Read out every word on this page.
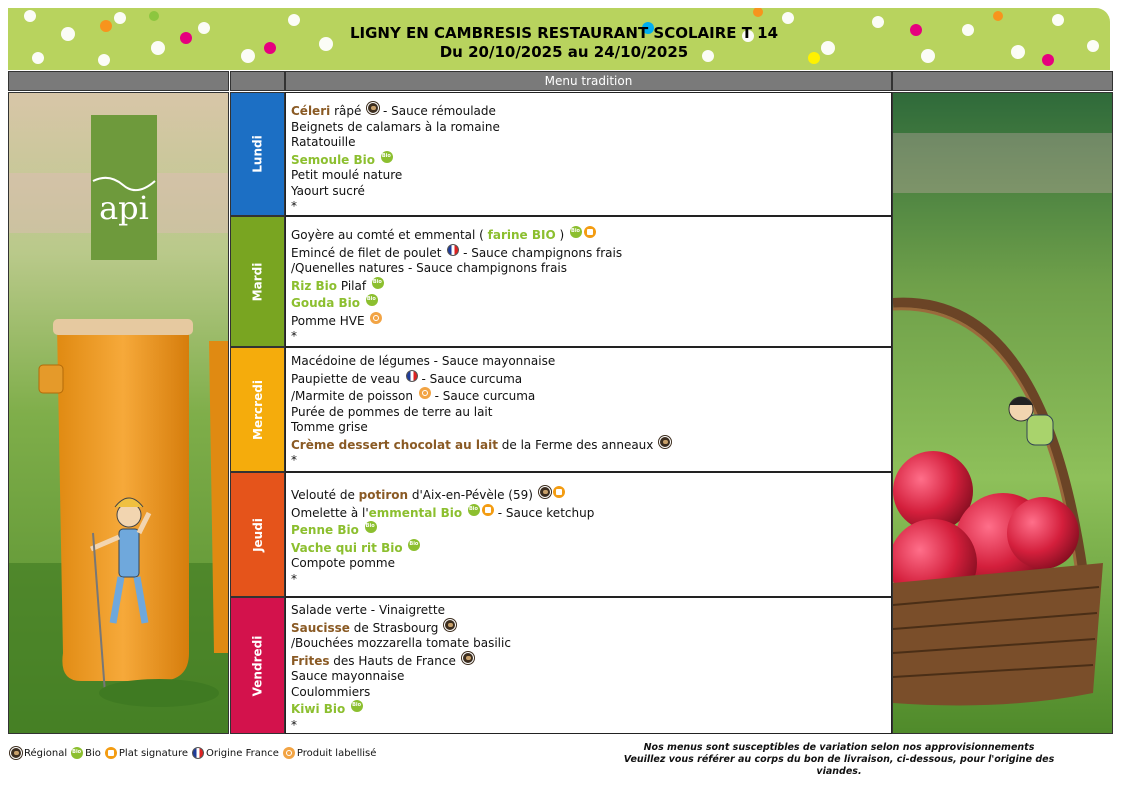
LIGNY EN CAMBRESIS RESTAURANT SCOLAIRE T 14
Du 20/10/2025 au 24/10/2025
Menu tradition
api
Lundi
Mardi
Mercredi
Jeudi
Vendredi
Céleri râpé  - Sauce rémoulade
Beignets de calamars à la romaine
Ratatouille
Semoule Bio Bio
Petit moulé nature
Yaourt sucré
*
Goyère au comté et emmental ( farine BIO ) Bio
Emincé de filet de poulet  - Sauce champignons frais
/Quenelles natures - Sauce champignons frais
Riz Bio Pilaf Bio
Gouda Bio Bio
Pomme HVE
*
Macédoine de légumes - Sauce mayonnaise
Paupiette de veau  - Sauce curcuma
/Marmite de poisson  - Sauce curcuma
Purée de pommes de terre au lait
Tomme grise
Crème dessert chocolat au lait de la Ferme des anneaux
*
Velouté de potiron d'Aix-en-Pévèle (59)
Omelette à l'emmental Bio Bio	- Sauce ketchup
Penne Bio Bio
Vache qui rit Bio Bio
Compote pomme
*
Salade verte - Vinaigrette
Saucisse de Strasbourg
/Bouchées mozzarella tomate basilic
Frites des Hauts de France
Sauce mayonnaise
Coulommiers
Kiwi Bio Bio
*
Régional Bio Bio Plat signature Origine France Produit labellisé	Nos menus sont susceptibles de variation selon nos approvisionnements
Veuillez vous référer au corps du bon de livraison, ci-dessous, pour l'origine des viandes.
